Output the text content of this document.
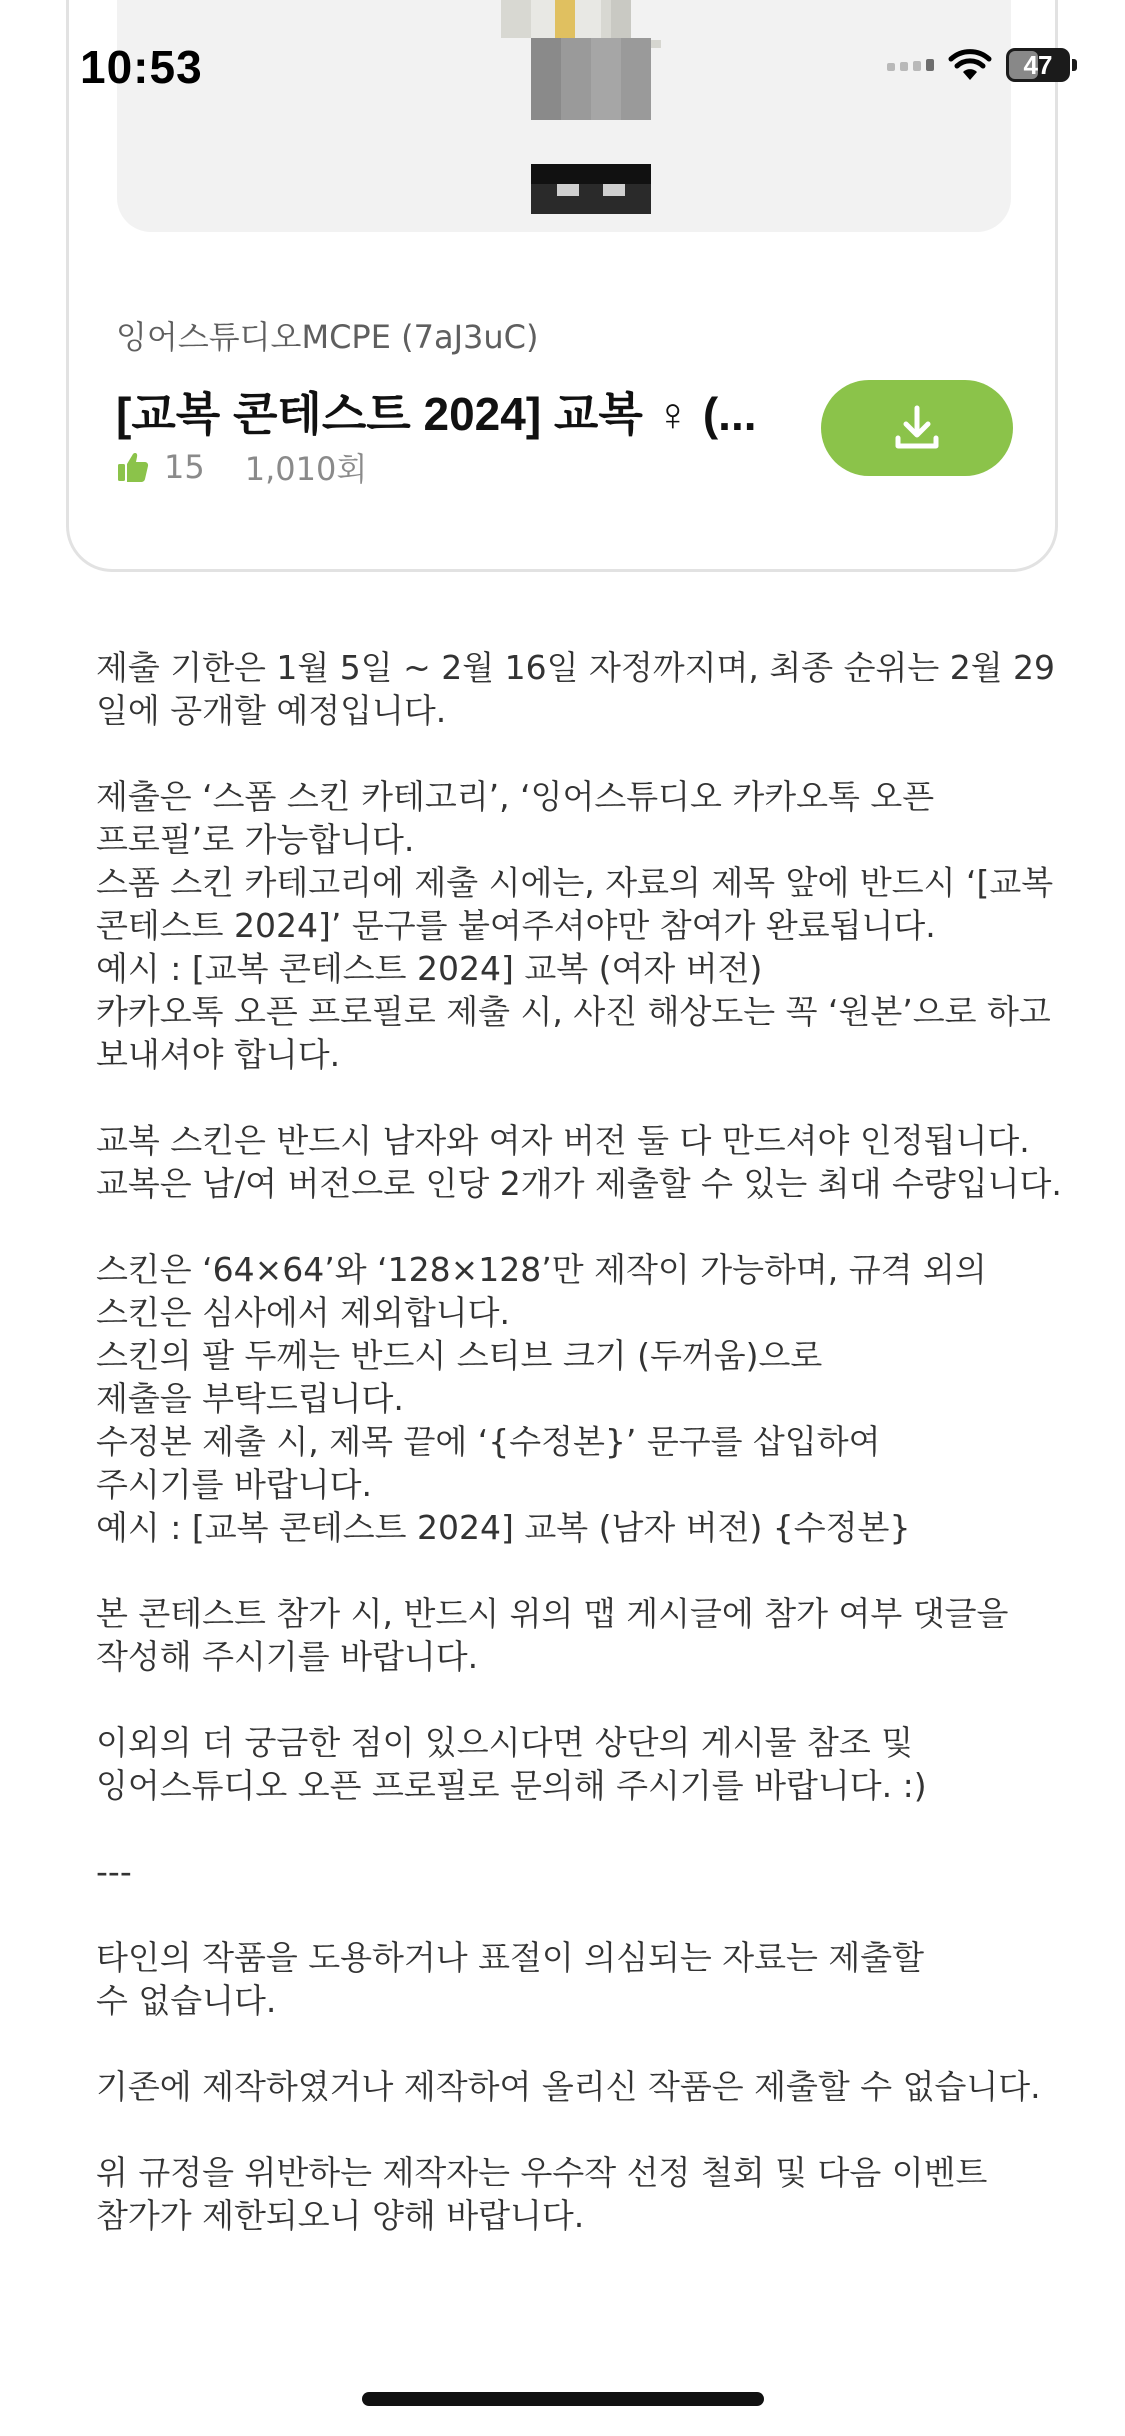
10:53	47
잉어스튜디오MCPE (7aJ3uC)
[교복 콘테스트 2024] 교복 ♀ (...
15 1,010회
제출 기한은 1월 5일 ~ 2월 16일 자정까지며, 최종 순위는 2월 29
일에 공개할 예정입니다.
제출은 ‘스폼 스킨 카테고리’, ‘잉어스튜디오 카카오톡 오픈
프로필’로 가능합니다.
스폼 스킨 카테고리에 제출 시에는, 자료의 제목 앞에 반드시 ‘[교복
콘테스트 2024]’ 문구를 붙여주셔야만 참여가 완료됩니다.
예시 : [교복 콘테스트 2024] 교복 (여자 버전)
카카오톡 오픈 프로필로 제출 시, 사진 해상도는 꼭 ‘원본’으로 하고
보내셔야 합니다.
교복 스킨은 반드시 남자와 여자 버전 둘 다 만드셔야 인정됩니다.
교복은 남/여 버전으로 인당 2개가 제출할 수 있는 최대 수량입니다.
스킨은 ‘64×64’와 ‘128×128’만 제작이 가능하며, 규격 외의
스킨은 심사에서 제외합니다.
스킨의 팔 두께는 반드시 스티브 크기 (두꺼움)으로
제출을 부탁드립니다.
수정본 제출 시, 제목 끝에 ‘{수정본}’ 문구를 삽입하여
주시기를 바랍니다.
예시 : [교복 콘테스트 2024] 교복 (남자 버전) {수정본}
본 콘테스트 참가 시, 반드시 위의 맵 게시글에 참가 여부 댓글을
작성해 주시기를 바랍니다.
이외의 더 궁금한 점이 있으시다면 상단의 게시물 참조 및
잉어스튜디오 오픈 프로필로 문의해 주시기를 바랍니다. :)
---
타인의 작품을 도용하거나 표절이 의심되는 자료는 제출할
수 없습니다.
기존에 제작하였거나 제작하여 올리신 작품은 제출할 수 없습니다.
위 규정을 위반하는 제작자는 우수작 선정 철회 및 다음 이벤트
참가가 제한되오니 양해 바랍니다.
